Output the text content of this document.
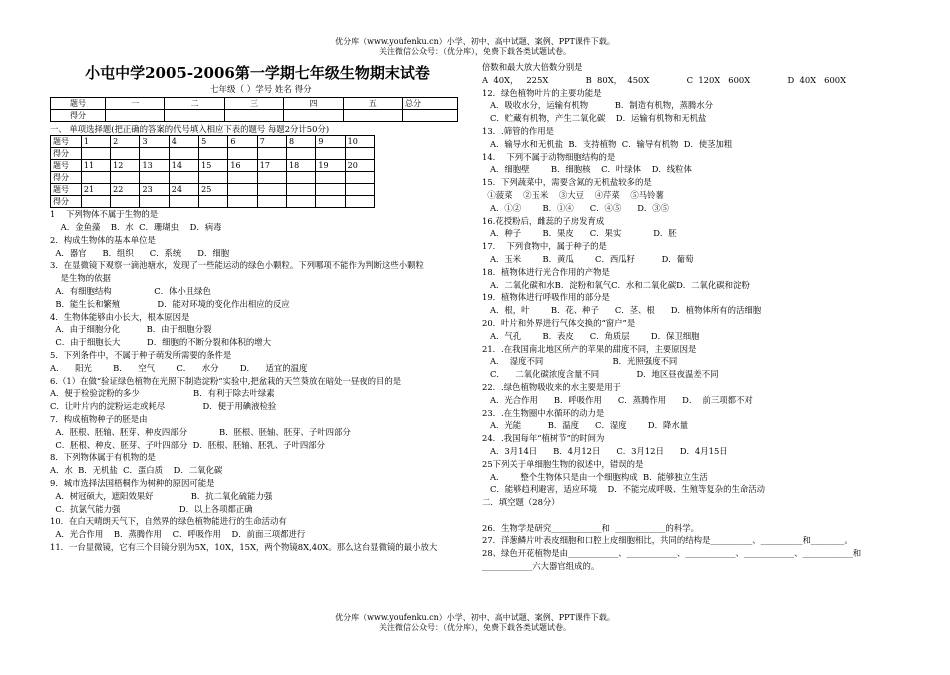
优分库（www.youfenku.cn）小学、初中、高中试题、案例、PPT课件下载。
关注微信公众号：（优分库），免费下载各类试题试卷。
小屯中学2005-2006第一学期七年级生物期末试卷
七年级（ ）学号 姓名 得分
题号	一	二	三	四	五	总分
得分						

一、 单项选择题(把正确的答案的代号填入相应下表的题号 每题2分计50分)

题号	1	2	3	4	5	6	7	8	9	10
得分										
题号	11	12	13	14	15	16	17	18	19	20
得分										
题号	21	22	23	24	25					
得分										

1    下列物体不属于生物的是

A．金鱼藻    B．水  C．珊瑚虫    D．病毒

2．构成生物体的基本单位是

A．器官      B．组织      C．系统      D．细胞

3．在显微镜下观察一滴池塘水，发现了一些能运动的绿色小颗粒。下列哪项不能作为判断这些小颗粒

是生物的依据

A．有细胞结构                C．体小且绿色

B．能生长和繁殖              D．能对环境的变化作出相应的反应

4．生物体能够由小长大，根本原因是

A．由于细胞分化          B．由于细胞分裂

C．由于细胞长大          D．细胞的不断分裂和体积的增大

5．下列条件中，不属于种子萌发所需要的条件是

A．    阳光        B．    空气        C．    水分        D．    适宜的温度

6.（1）在做“验证绿色植物在光照下制造淀粉”实验中,把盆栽的天竺葵放在暗处一昼夜的目的是

A．便于检验淀粉的多少                    B．有利于除去叶绿素

C．让叶片内的淀粉运走或耗尽              D．便于用碘液检验

7．构成植物种子的胚是由

A．胚根、胚轴、胚芽、种皮四部分            B．胚根、胚轴、胚芽、子叶四部分

C．胚根、种皮、胚芽、子叶四部分  D．胚根、胚轴、胚乳、子叶四部分

8．下列物体属于有机物的是

A．水  B．无机盐  C．蛋白质    D．二氧化碳

9．城市选择法国梧桐作为树种的原因可能是

A．树冠硕大，遮阳效果好              B．抗二氧化硫能力强

C．抗氯气能力强                      D．以上各项都正确

10．在白天晴朗天气下，自然界的绿色植物能进行的生命活动有

A．光合作用    B．蒸腾作用    C．呼吸作用    D．前面三项都进行

11．一台显微镜，它有三个目镜分别为5X，10X，15X，两个物镜8X,40X。那么这台显微镜的最小放大

倍数和最大放大倍数分别是

A  40X，   225X              B  80X，  450X              C  120X   600X              D  40X   600X

12．绿色植物叶片的主要功能是

A．吸收水分，运输有机物          B．制造有机物，蒸腾水分

C．贮藏有机物，产生二氧化碳    D．运输有机物和无机盐

13．.筛管的作用是

A．输导水和无机盐  B．支持植物  C．输导有机物  D．使茎加粗

14．  下列不属于动物细胞结构的是

A．细胞壁        B．细胞核    C．叶绿体    D．线粒体

15．下列蔬菜中，需要含氮的无机盐较多的是

①菠菜    ②玉米    ③大豆    ④芹菜    ⑤马铃薯

A．①②        B．①④      C．④⑤      D．③⑤

16.花授粉后，雌蕊的子房发育成

A．种子        B．果皮      C．果实            D．胚

17．  下列食物中，属于种子的是

A．玉米        B．黄瓜        C．西瓜籽          D．葡萄

18．植物体进行光合作用的产物是

A．二氧化碳和水B．淀粉和氧气C．水和二氧化碳D．二氧化碳和淀粉

19．植物体进行呼吸作用的部分是

A．根，叶        B．花、种子      C．茎、根      D．植物体所有的活细胞

20．叶片和外界进行气体交换的“窗户”是

A．气孔        B．表皮      C．角质层        D．保卫细胞

21．.在我国南北地区所产的苹果的甜度不同，主要原因是

A．  湿度不同                          B．光照强度不同

C．    二氧化碳浓度含量不同              D．地区昼夜温差不同

22．.绿色植物吸收来的水主要是用于

A．光合作用      B．呼吸作用      C．蒸腾作用      D．  前三项都不对

23．.在生物圈中水循环的动力是

A．光能          B．温度      C．湿度        D．降水量

24．.我国每年“植树节”的时间为

A．3月14日      B．4月12日      C．3月12日      D．4月15日

25下列关于单细胞生物的叙述中，错误的是

A．      整个生物体只是由一个细胞构成  B．能够独立生活

C．能够趋利避害，适应环境    D．不能完成呼吸、生殖等复杂的生命活动

二．填空题（28分）

26．生物学是研究____________和  ____________的科学。

27．洋葱鳞片叶表皮细胞和口腔上皮细胞相比，共同的结构是__________、__________和________。

28、绿色开花植物是由____________、____________、____________、____________、____________和

____________六大器官组成的。

优分库（www.youfenku.cn）小学、初中、高中试题、案例、PPT课件下载。
关注微信公众号：（优分库），免费下载各类试题试卷。
